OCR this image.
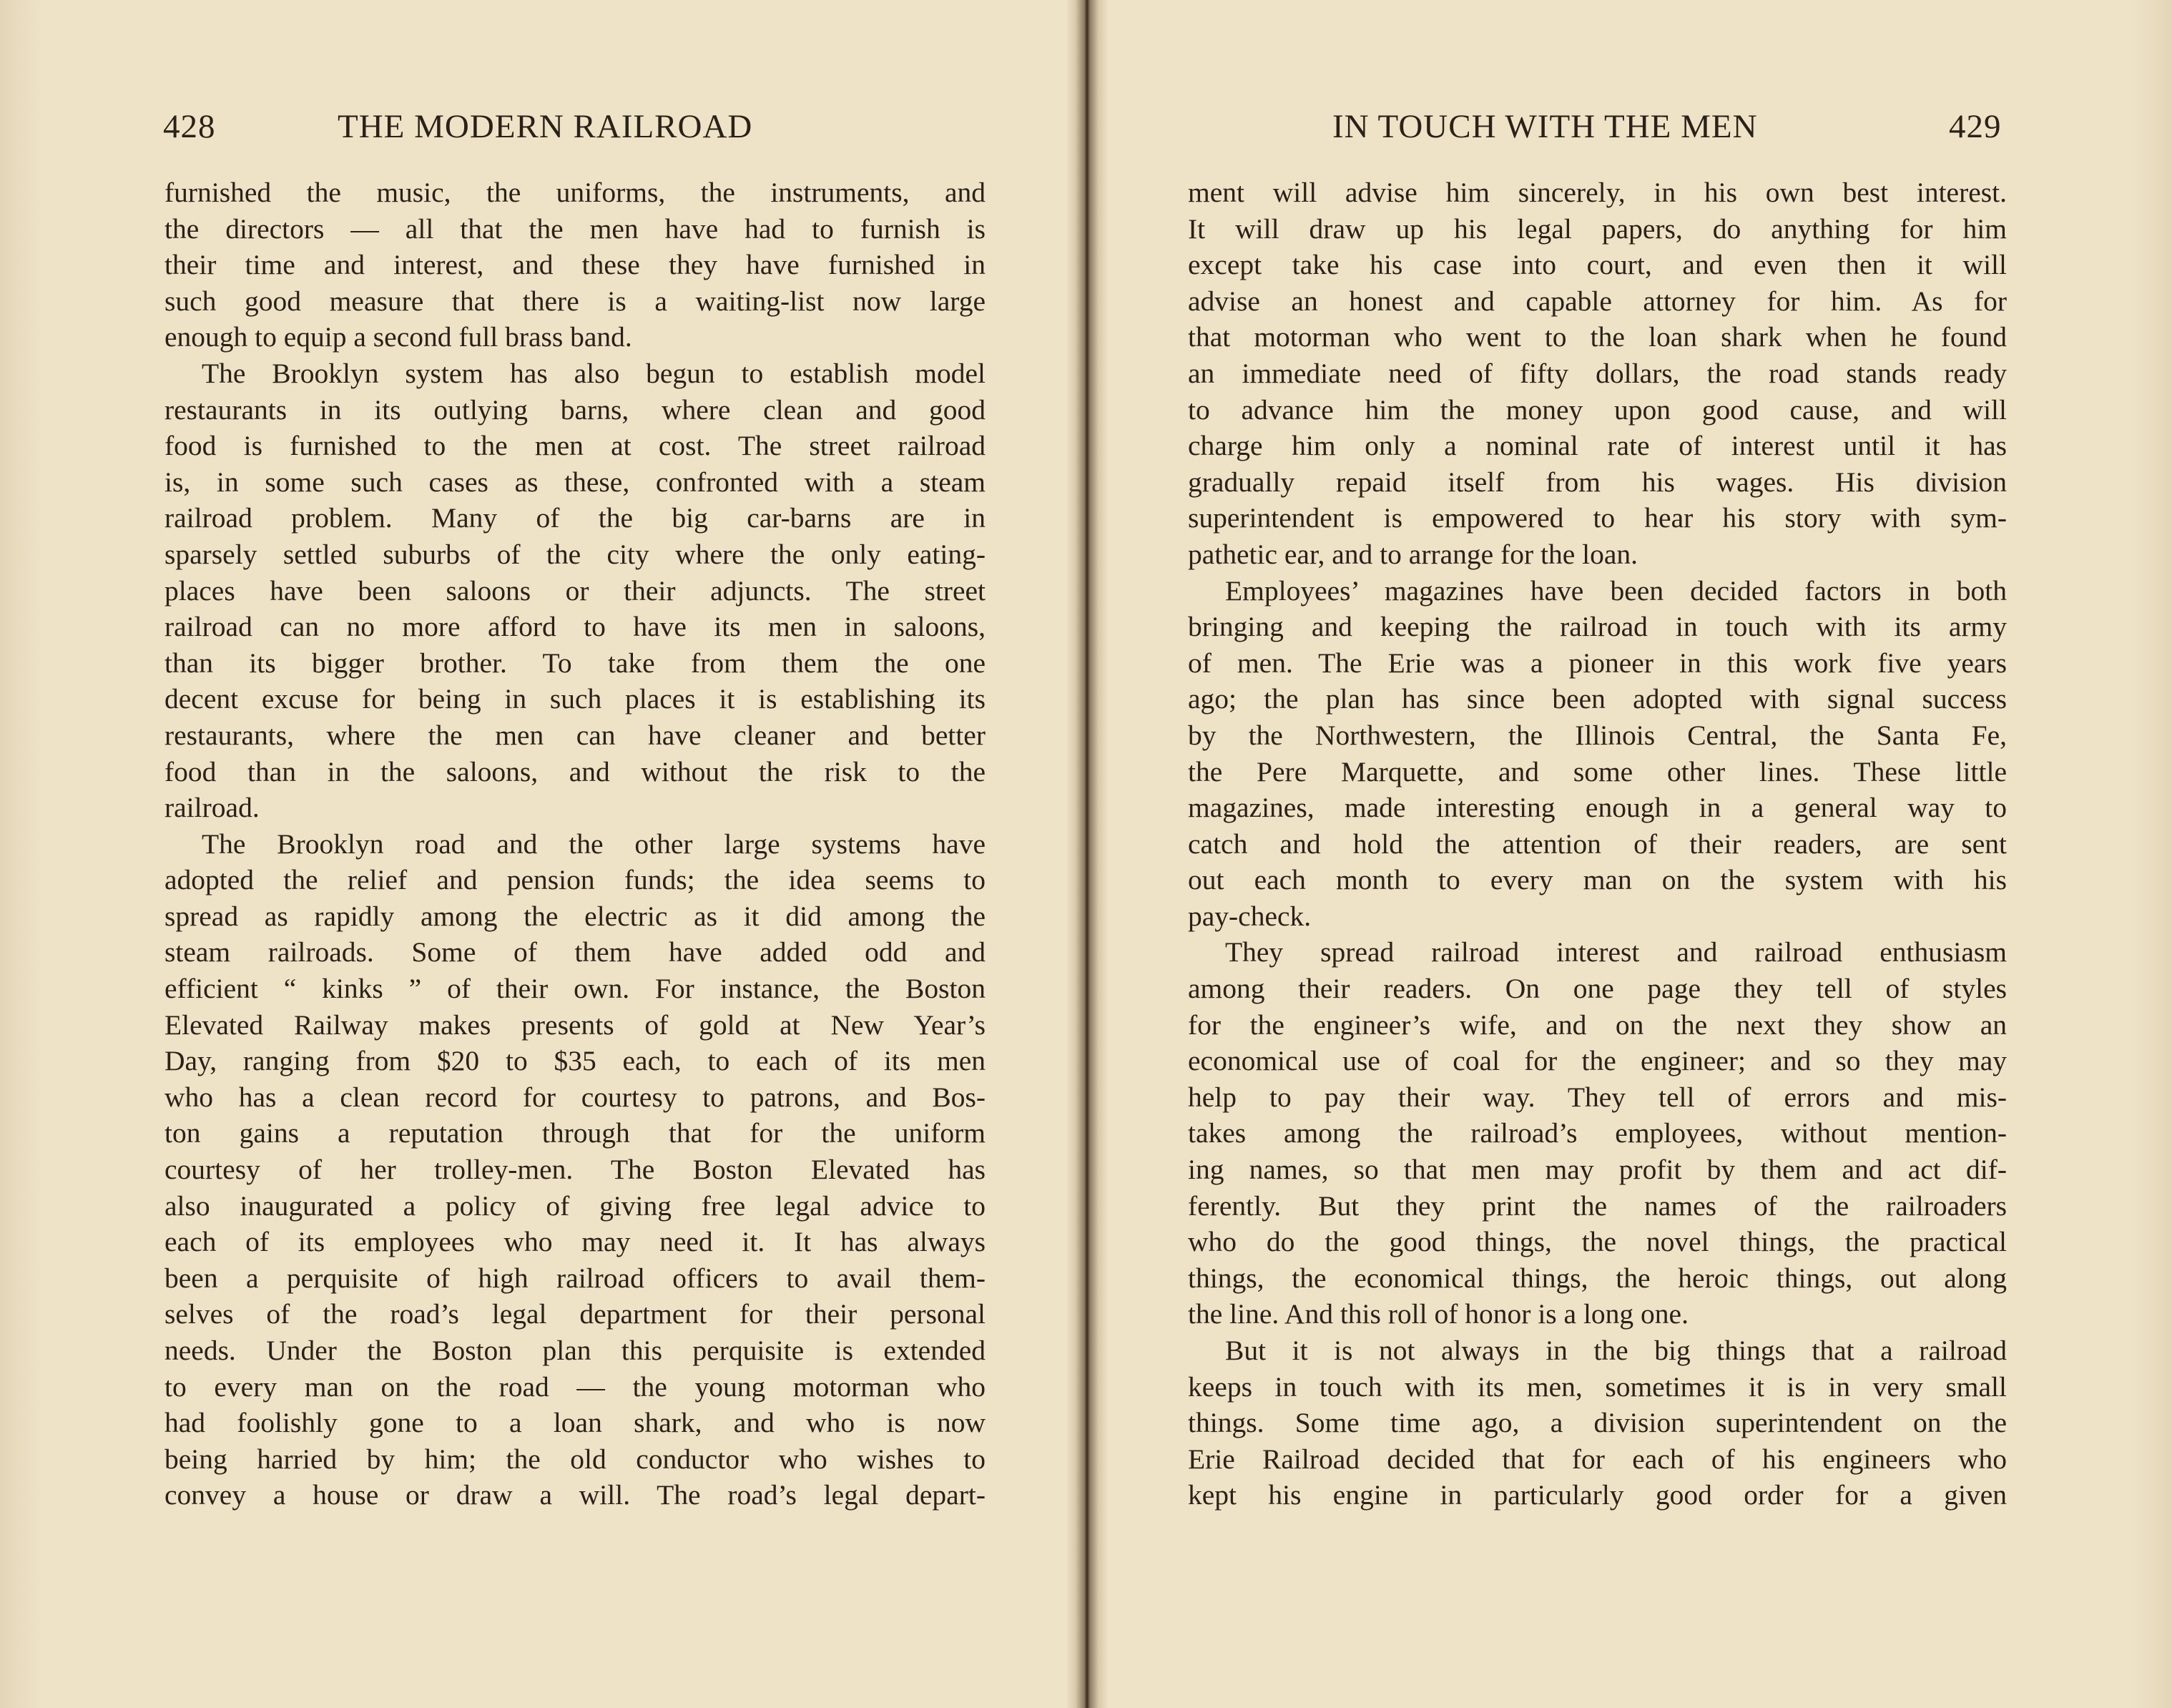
428	THE MODERN RAILROAD
furnished the music, the uniforms, the instruments, and
the directors — all that the men have had to furnish is
their time and interest, and these they have furnished in
such good measure that there is a waiting-list now large
enough to equip a second full brass band.
The Brooklyn system has also begun to establish model
restaurants in its outlying barns, where clean and good
food is furnished to the men at cost. The street railroad
is, in some such cases as these, confronted with a steam
railroad problem. Many of the big car-barns are in
sparsely settled suburbs of the city where the only eating-
places have been saloons or their adjuncts. The street
railroad can no more afford to have its men in saloons,
than its bigger brother. To take from them the one
decent excuse for being in such places it is establishing its
restaurants, where the men can have cleaner and better
food than in the saloons, and without the risk to the
railroad.
The Brooklyn road and the other large systems have
adopted the relief and pension funds; the idea seems to
spread as rapidly among the electric as it did among the
steam railroads. Some of them have added odd and
efficient “ kinks ” of their own. For instance, the Boston
Elevated Railway makes presents of gold at New Year’s
Day, ranging from $20 to $35 each, to each of its men
who has a clean record for courtesy to patrons, and Bos-
ton gains a reputation through that for the uniform
courtesy of her trolley-men. The Boston Elevated has
also inaugurated a policy of giving free legal advice to
each of its employees who may need it. It has always
been a perquisite of high railroad officers to avail them-
selves of the road’s legal department for their personal
needs. Under the Boston plan this perquisite is extended
to every man on the road — the young motorman who
had foolishly gone to a loan shark, and who is now
being harried by him; the old conductor who wishes to
convey a house or draw a will. The road’s legal depart-
IN TOUCH WITH THE MEN	429
ment will advise him sincerely, in his own best interest.
It will draw up his legal papers, do anything for him
except take his case into court, and even then it will
advise an honest and capable attorney for him. As for
that motorman who went to the loan shark when he found
an immediate need of fifty dollars, the road stands ready
to advance him the money upon good cause, and will
charge him only a nominal rate of interest until it has
gradually repaid itself from his wages. His division
superintendent is empowered to hear his story with sym-
pathetic ear, and to arrange for the loan.
Employees’ magazines have been decided factors in both
bringing and keeping the railroad in touch with its army
of men. The Erie was a pioneer in this work five years
ago; the plan has since been adopted with signal success
by the Northwestern, the Illinois Central, the Santa Fe,
the Pere Marquette, and some other lines. These little
magazines, made interesting enough in a general way to
catch and hold the attention of their readers, are sent
out each month to every man on the system with his
pay-check.
They spread railroad interest and railroad enthusiasm
among their readers. On one page they tell of styles
for the engineer’s wife, and on the next they show an
economical use of coal for the engineer; and so they may
help to pay their way. They tell of errors and mis-
takes among the railroad’s employees, without mention-
ing names, so that men may profit by them and act dif-
ferently. But they print the names of the railroaders
who do the good things, the novel things, the practical
things, the economical things, the heroic things, out along
the line. And this roll of honor is a long one.
But it is not always in the big things that a railroad
keeps in touch with its men, sometimes it is in very small
things. Some time ago, a division superintendent on the
Erie Railroad decided that for each of his engineers who
kept his engine in particularly good order for a given
